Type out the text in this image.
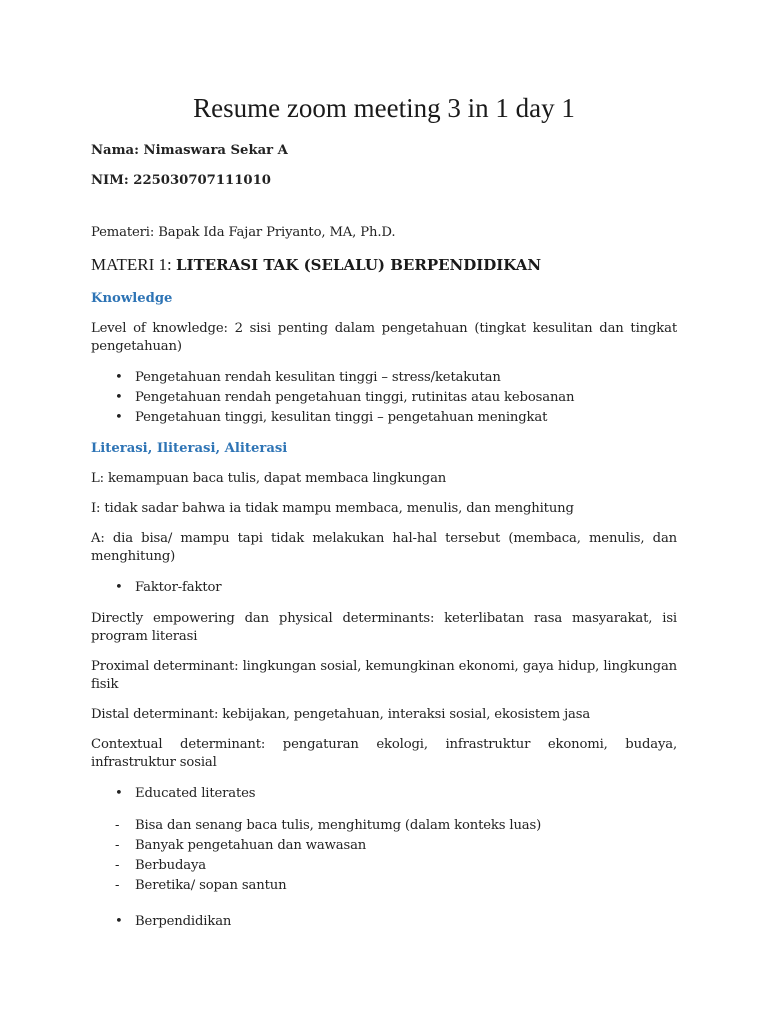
Resume zoom meeting 3 in 1 day 1
Nama: Nimaswara Sekar A
NIM: 225030707111010

Pemateri: Bapak Ida Fajar Priyanto, MA, Ph.D.

MATERI 1: LITERASI TAK (SELALU) BERPENDIDIKAN
Knowledge

Level of knowledge: 2 sisi penting dalam pengetahuan (tingkat kesulitan dan tingkat pengetahuan)

• Pengetahuan rendah kesulitan tinggi – stress/ketakutan
• Pengetahuan rendah pengetahuan tinggi, rutinitas atau kebosanan
• Pengetahuan tinggi, kesulitan tinggi – pengetahuan meningkat
Literasi, Iliterasi, Aliterasi

L: kemampuan baca tulis, dapat membaca lingkungan

I: tidak sadar bahwa ia tidak mampu membaca, menulis, dan menghitung

A: dia bisa/ mampu tapi tidak melakukan hal-hal tersebut (membaca, menulis, dan menghitung)

• Faktor-faktor

Directly empowering dan physical determinants: keterlibatan rasa masyarakat, isi program literasi

Proximal determinant: lingkungan sosial, kemungkinan ekonomi, gaya hidup, lingkungan fisik

Distal determinant: kebijakan, pengetahuan, interaksi sosial, ekosistem jasa

Contextual determinant: pengaturan ekologi, infrastruktur ekonomi, budaya, infrastruktur sosial

• Educated literates
- Bisa dan senang baca tulis, menghitumg (dalam konteks luas)
- Banyak pengetahuan dan wawasan
- Berbudaya
- Beretika/ sopan santun
• Berpendidikan
